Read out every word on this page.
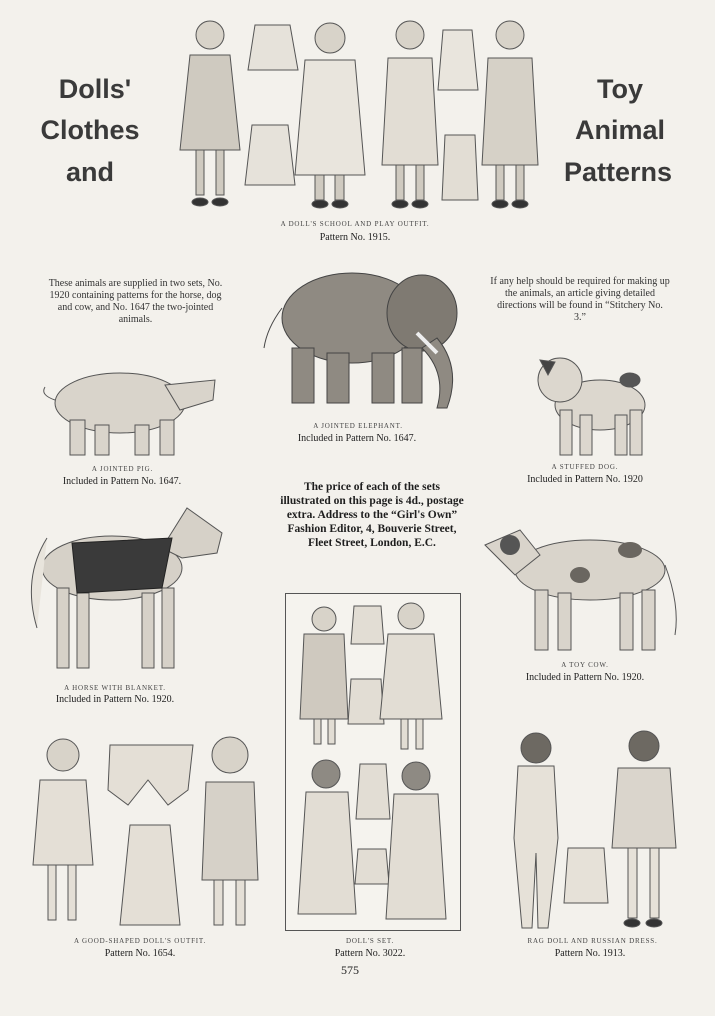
Dolls'
Clothes
and
Toy
Animal
Patterns
A DOLL'S SCHOOL AND PLAY OUTFIT.
Pattern No. 1915.
These animals are supplied in two sets, No. 1920 containing patterns for the horse, dog and cow, and No. 1647 the two-jointed animals.
If any help should be required for making up the animals, an article giving detailed directions will be found in “Stitchery No. 3.”
A JOINTED ELEPHANT.
Included in Pattern No. 1647.
A JOINTED PIG.
Included in Pattern No. 1647.
A STUFFED DOG.
Included in Pattern No. 1920
The price of each of the sets illustrated on this page is 4d., postage extra. Address to the “Girl's Own” Fashion Editor, 4, Bouverie Street, Fleet Street, London, E.C.
A HORSE WITH BLANKET.
Included in Pattern No. 1920.
A TOY COW.
Included in Pattern No. 1920.
DOLL'S SET.
Pattern No. 3022.
A GOOD-SHAPED DOLL'S OUTFIT.
Pattern No. 1654.
RAG DOLL AND RUSSIAN DRESS.
Pattern No. 1913.
575
